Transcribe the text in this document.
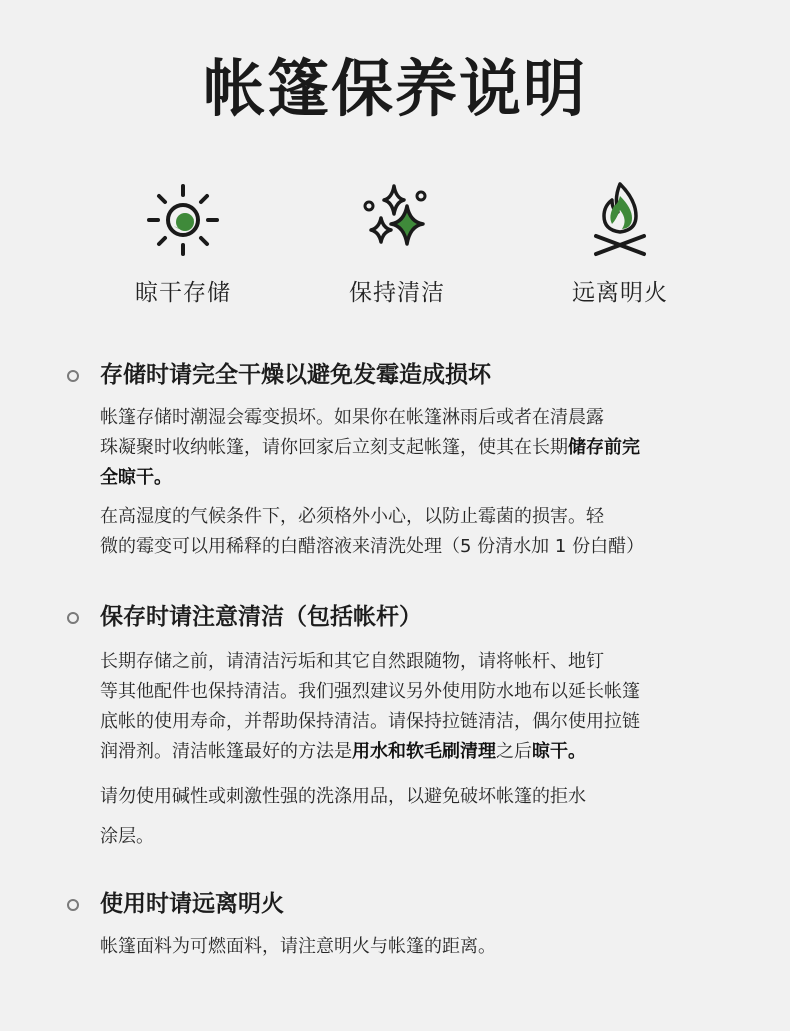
帐篷保养说明
晾干存储	保持清洁	远离明火
存储时请完全干燥以避免发霉造成损坏

帐篷存储时潮湿会霉变损坏。如果你在帐篷淋雨后或者在清晨露
珠凝聚时收纳帐篷，请你回家后立刻支起帐篷，使其在长期储存前完
全晾干。

在高湿度的气候条件下，必须格外小心，以防止霉菌的损害。轻
微的霉变可以用稀释的白醋溶液来清洗处理（5 份清水加 1 份白醋）

保存时请注意清洁（包括帐杆）

长期存储之前，请清洁污垢和其它自然跟随物，请将帐杆、地钉
等其他配件也保持清洁。我们强烈建议另外使用防水地布以延长帐篷
底帐的使用寿命，并帮助保持清洁。请保持拉链清洁，偶尔使用拉链
润滑剂。清洁帐篷最好的方法是用水和软毛刷清理之后晾干。

请勿使用碱性或刺激性强的洗涤用品，以避免破坏帐篷的拒水
涂层。

使用时请远离明火

帐篷面料为可燃面料，请注意明火与帐篷的距离。
